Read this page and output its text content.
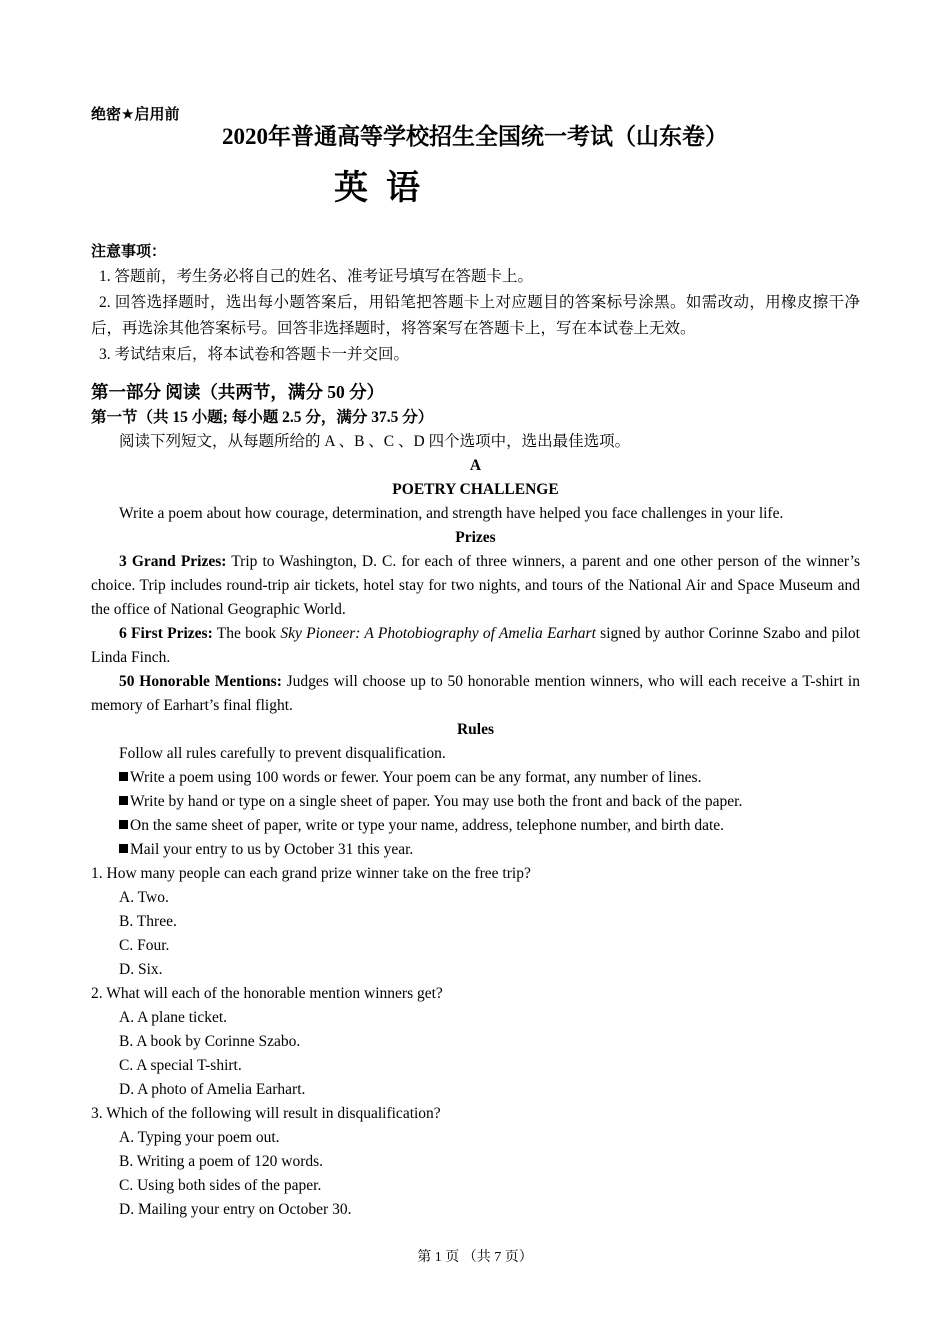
绝密★启用前
2020年普通高等学校招生全国统一考试（山东卷）
英语
注意事项：
1. 答题前，考生务必将自己的姓名、准考证号填写在答题卡上。
2. 回答选择题时，选出每小题答案后，用铅笔把答题卡上对应题目的答案标号涂黑。如需改动，用橡皮擦干净后，再选涂其他答案标号。回答非选择题时，将答案写在答题卡上，写在本试卷上无效。
3. 考试结束后，将本试卷和答题卡一并交回。
第一部分 阅读（共两节，满分 50 分）
第一节（共 15 小题; 每小题 2.5 分，满分 37.5 分）
阅读下列短文，从每题所给的 A 、B 、C 、D 四个选项中，选出最佳选项。
A
POETRY CHALLENGE
Write a poem about how courage, determination, and strength have helped you face challenges in your life.
Prizes
3 Grand Prizes: Trip to Washington, D. C. for each of three winners, a parent and one other person of the winner’s choice. Trip includes round-trip air tickets, hotel stay for two nights, and tours of the National Air and Space Museum and the office of National Geographic World.
6 First Prizes: The book Sky Pioneer: A Photobiography of Amelia Earhart signed by author Corinne Szabo and pilot Linda Finch.
50 Honorable Mentions: Judges will choose up to 50 honorable mention winners, who will each receive a T-shirt in memory of Earhart’s final flight.
Rules
Follow all rules carefully to prevent disqualification.
Write a poem using 100 words or fewer. Your poem can be any format, any number of lines.
Write by hand or type on a single sheet of paper. You may use both the front and back of the paper.
On the same sheet of paper, write or type your name, address, telephone number, and birth date.
Mail your entry to us by October 31 this year.
1. How many people can each grand prize winner take on the free trip?
A. Two.
B. Three.
C. Four.
D. Six.
2. What will each of the honorable mention winners get?
A. A plane ticket.
B. A book by Corinne Szabo.
C. A special T-shirt.
D. A photo of Amelia Earhart.
3. Which of the following will result in disqualification?
A. Typing your poem out.
B. Writing a poem of 120 words.
C. Using both sides of the paper.
D. Mailing your entry on October 30.
第 1 页 （共 7 页）
